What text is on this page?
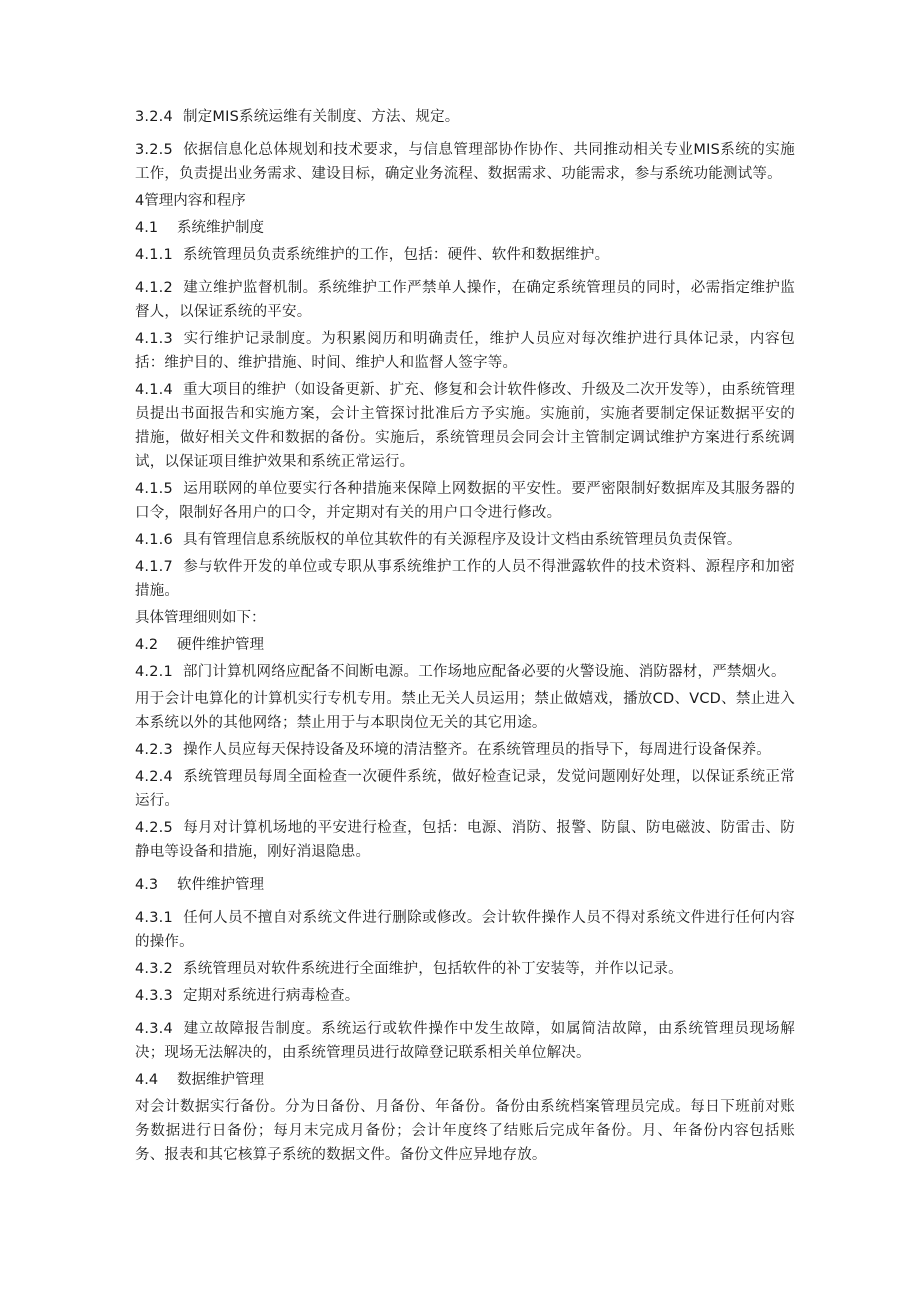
3.2.4 制定MIS系统运维有关制度、方法、规定。

3.2.5 依据信息化总体规划和技术要求，与信息管理部协作协作、共同推动相关专业MIS系统的实施工作，负责提出业务需求、建设目标，确定业务流程、数据需求、功能需求，参与系统功能测试等。

4管理内容和程序

4.1 系统维护制度

4.1.1 系统管理员负责系统维护的工作，包括：硬件、软件和数据维护。

4.1.2 建立维护监督机制。系统维护工作严禁单人操作，在确定系统管理员的同时，必需指定维护监督人，以保证系统的平安。

4.1.3 实行维护记录制度。为积累阅历和明确责任，维护人员应对每次维护进行具体记录，内容包括：维护目的、维护措施、时间、维护人和监督人签字等。

4.1.4 重大项目的维护（如设备更新、扩充、修复和会计软件修改、升级及二次开发等），由系统管理员提出书面报告和实施方案，会计主管探讨批准后方予实施。实施前，实施者要制定保证数据平安的措施，做好相关文件和数据的备份。实施后，系统管理员会同会计主管制定调试维护方案进行系统调试，以保证项目维护效果和系统正常运行。

4.1.5 运用联网的单位要实行各种措施来保障上网数据的平安性。要严密限制好数据库及其服务器的口令，限制好各用户的口令，并定期对有关的用户口令进行修改。

4.1.6 具有管理信息系统版权的单位其软件的有关源程序及设计文档由系统管理员负责保管。

4.1.7 参与软件开发的单位或专职从事系统维护工作的人员不得泄露软件的技术资料、源程序和加密措施。

具体管理细则如下：

4.2 硬件维护管理

4.2.1 部门计算机网络应配备不间断电源。工作场地应配备必要的火警设施、消防器材，严禁烟火。

用于会计电算化的计算机实行专机专用。禁止无关人员运用；禁止做嬉戏，播放CD、VCD、禁止进入本系统以外的其他网络；禁止用于与本职岗位无关的其它用途。

4.2.3 操作人员应每天保持设备及环境的清洁整齐。在系统管理员的指导下，每周进行设备保养。

4.2.4 系统管理员每周全面检查一次硬件系统，做好检查记录，发觉问题刚好处理，以保证系统正常运行。

4.2.5 每月对计算机场地的平安进行检查，包括：电源、消防、报警、防鼠、防电磁波、防雷击、防静电等设备和措施，刚好消退隐患。

4.3 软件维护管理

4.3.1 任何人员不擅自对系统文件进行删除或修改。会计软件操作人员不得对系统文件进行任何内容的操作。

4.3.2 系统管理员对软件系统进行全面维护，包括软件的补丁安装等，并作以记录。

4.3.3 定期对系统进行病毒检查。

4.3.4 建立故障报告制度。系统运行或软件操作中发生故障，如属简洁故障，由系统管理员现场解决；现场无法解决的，由系统管理员进行故障登记联系相关单位解决。

4.4 数据维护管理

对会计数据实行备份。分为日备份、月备份、年备份。备份由系统档案管理员完成。每日下班前对账务数据进行日备份；每月末完成月备份；会计年度终了结账后完成年备份。月、年备份内容包括账务、报表和其它核算子系统的数据文件。备份文件应异地存放。
